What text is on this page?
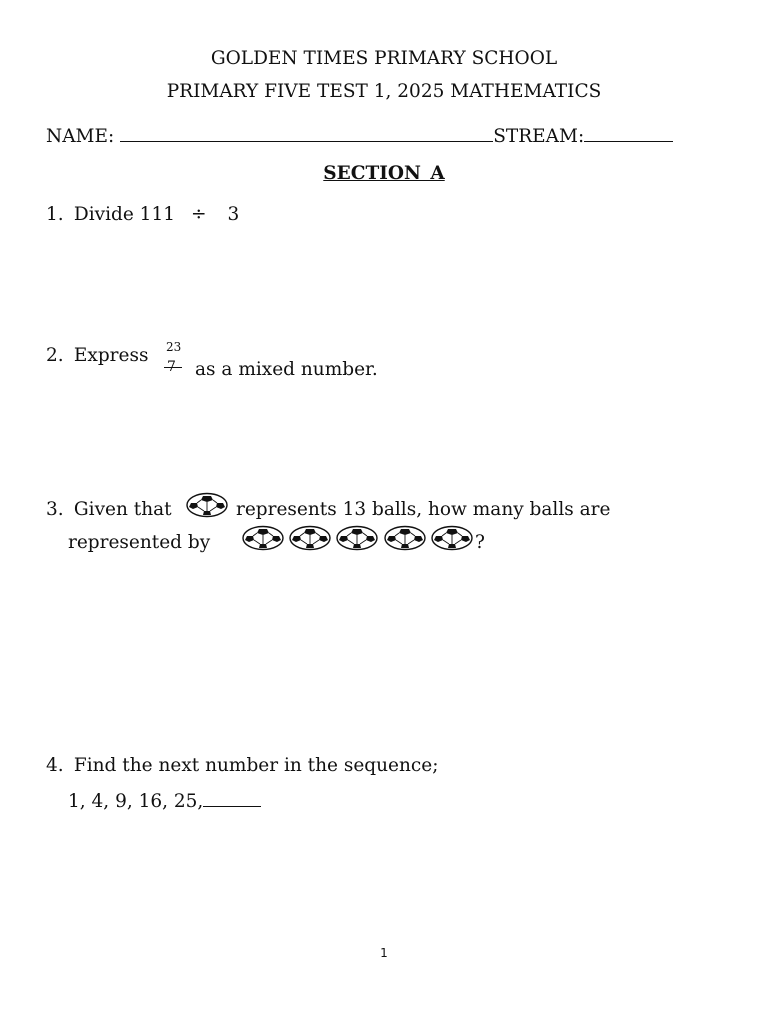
GOLDEN TIMES PRIMARY SCHOOL
PRIMARY FIVE TEST 1, 2025 MATHEMATICS
NAME:	STREAM:
SECTION A
1. Divide 111 ÷ 3
2. Express 23
7 as a mixed number.
3. Given that	represents 13 balls, how many balls are
represented by	?
4. Find the next number in the sequence;
1, 4, 9, 16, 25,
1
